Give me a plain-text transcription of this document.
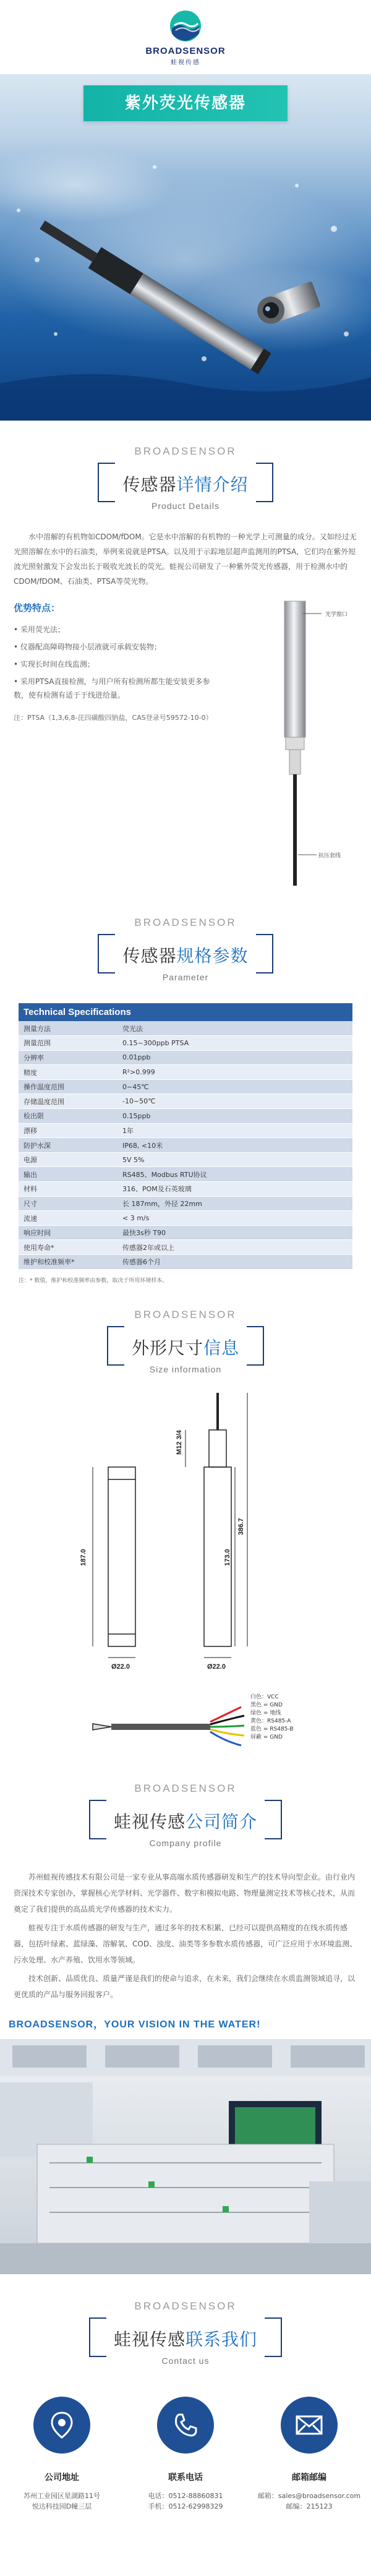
BROADSENSOR
蛙视传感
紫外荧光传感器
BROADSENSOR
传感器详情介绍
Product Details
水中溶解的有机物如CDOM/fDOM。它是水中溶解的有机物的一种光学上可测量的成分。又如经过无光照溶解在水中的石油类，举例来说就是PTSA。以及用于示踪地层超声监测用的PTSA，它们均在紫外短波光照射激发下会发出长于吸收光波长的荧光。蛙视公司研发了一种紫外荧光传感器，用于检测水中的CDOM/fDOM、石油类、PTSA等荧光物。
优势特点：
• 采用荧光法；
• 仪器配高障碍物接小层液就可承载安装物；
• 实现长时间在线监测；
• 采用PTSA直接检测，与用户所有检测所都生能安装更多参数，使有检测有适于于线进给量。
注：PTSA（1,3,6,8-芘四磺酸四钠盐，CAS登录号59572-10-0）
光学窗口
抗压套线
BROADSENSOR
传感器规格参数
Parameter
Technical Specifications
测量方法	荧光法
测量范围	0.15~300ppb PTSA
分辨率	0.01ppb
精度	R²>0.999
操作温度范围	0~45℃
存储温度范围	-10~50℃
检出限	0.15ppb
漂移	1年
防护水深	IP68, <10米
电源	5V 5%
输出	RS485、Modbus RTU协议
材料	316、POM及石英玻璃
尺寸	长 187mm，外径 22mm
流速	< 3 m/s
响应时间	最快3s秒 T90
使用寿命*	传感器2年或以上
维护和校准频率*	传感器6个月
注：* 数值，维护和校准频率由参数，取决于所用环境样本。
BROADSENSOR
外形尺寸信息
Size information
187.0
386.7
173.0
M12 3/4
Ø22.0	Ø22.0
白色：VCC
黑色 = GND
绿色 = 地线
黄色：RS485-A
蓝色 = RS485-B
屏蔽 = GND
BROADSENSOR
蛙视传感公司简介
Company profile
苏州蛙视传感技术有限公司是一家专业从事高端水质传感器研发和生产的技术导向型企业。由行业内资深技术专家创办，掌握核心光学材料、光学器件、数字和模拟电路、物理量测定技术等核心技术，从而奠定了我们提供的高品质光学传感器的技术实力。
蛙视专注于水质传感器的研发与生产，通过多年的技术积累，已经可以提供高精度的在线水质传感器，包括叶绿素、蓝绿藻、溶解氧、COD、浊度、油类等多参数水质传感器，可广泛应用于水环境监测、污水处理、水产养殖、饮用水等领域。
技术创新、品质优良、质量严谨是我们的使命与追求，在未来，我们会继续在水质监测领域追寻，以更优质的产品与服务回报客户。
BROADSENSOR，YOUR VISION IN THE WATER!
BROADSENSOR
蛙视传感联系我们
Contact us
公司地址
苏州工业园区星湖路11号
悦达科技园D幢三层
联系电话
电话：0512-88860831
手机：0512-62998329
邮箱邮编
邮箱：sales@broadsensor.com
邮编：215123
